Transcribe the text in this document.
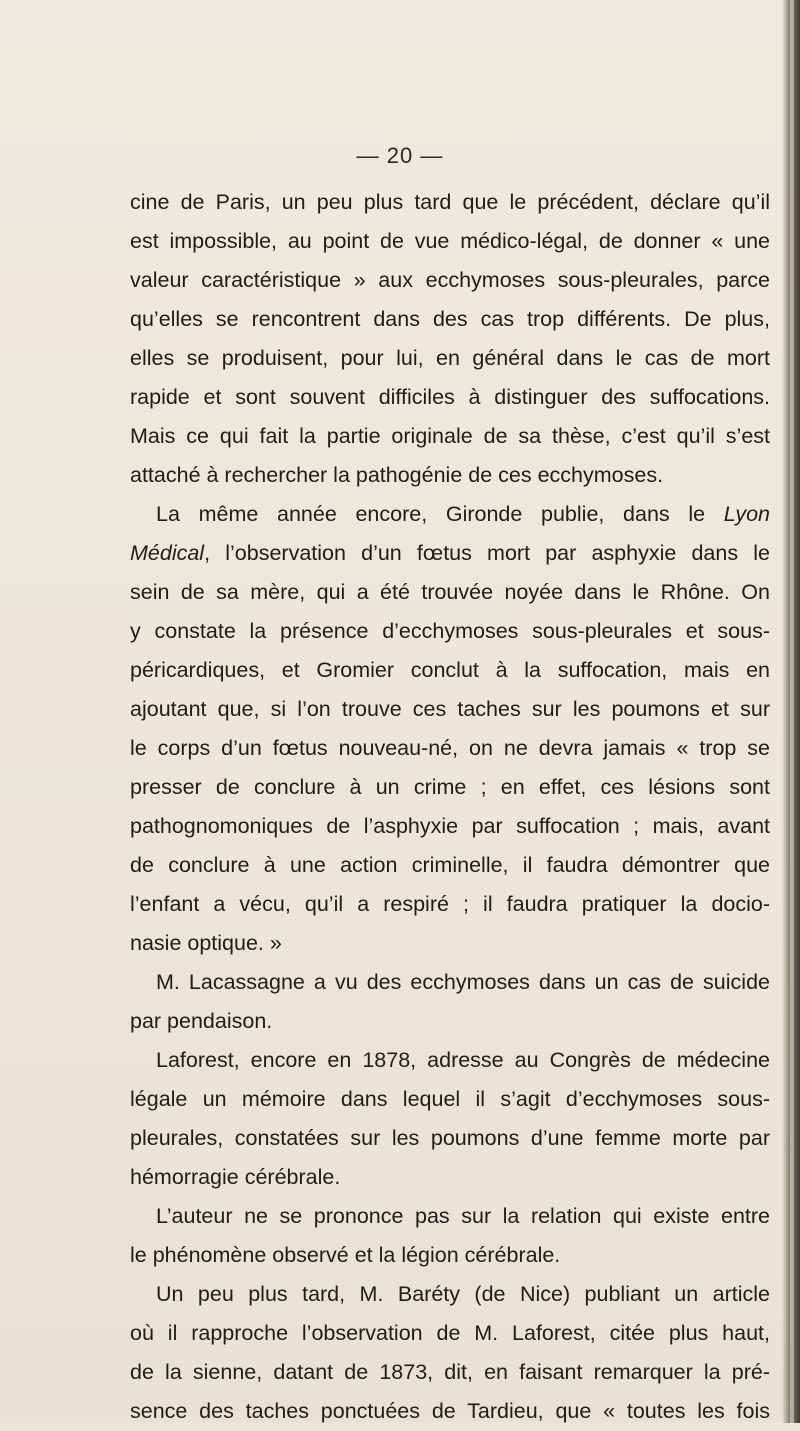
— 20 —
cine de Paris, un peu plus tard que le précédent, déclare qu’il
est impossible, au point de vue médico-légal, de donner « une
valeur caractéristique » aux ecchymoses sous-pleurales, parce
qu’elles se rencontrent dans des cas trop différents. De plus,
elles se produisent, pour lui, en général dans le cas de mort
rapide et sont souvent difficiles à distinguer des suffocations.
Mais ce qui fait la partie originale de sa thèse, c’est qu’il s’est
attaché à rechercher la pathogénie de ces ecchymoses.
La même année encore, Gironde publie, dans le Lyon
Médical, l’observation d’un fœtus mort par asphyxie dans le
sein de sa mère, qui a été trouvée noyée dans le Rhône. On
y constate la présence d’ecchymoses sous-pleurales et sous-
péricardiques, et Gromier conclut à la suffocation, mais en
ajoutant que, si l’on trouve ces taches sur les poumons et sur
le corps d’un fœtus nouveau-né, on ne devra jamais « trop se
presser de conclure à un crime ; en effet, ces lésions sont
pathognomoniques de l’asphyxie par suffocation ; mais, avant
de conclure à une action criminelle, il faudra démontrer que
l’enfant a vécu, qu’il a respiré ; il faudra pratiquer la docio-
nasie optique. »
M. Lacassagne a vu des ecchymoses dans un cas de suicide
par pendaison.
Laforest, encore en 1878, adresse au Congrès de médecine
légale un mémoire dans lequel il s’agit d’ecchymoses sous-
pleurales, constatées sur les poumons d’une femme morte par
hémorragie cérébrale.
L’auteur ne se prononce pas sur la relation qui existe entre
le phénomène observé et la légion cérébrale.
Un peu plus tard, M. Baréty (de Nice) publiant un article
où il rapproche l’observation de M. Laforest, citée plus haut,
de la sienne, datant de 1873, dit, en faisant remarquer la pré-
sence des taches ponctuées de Tardieu, que « toutes les fois
